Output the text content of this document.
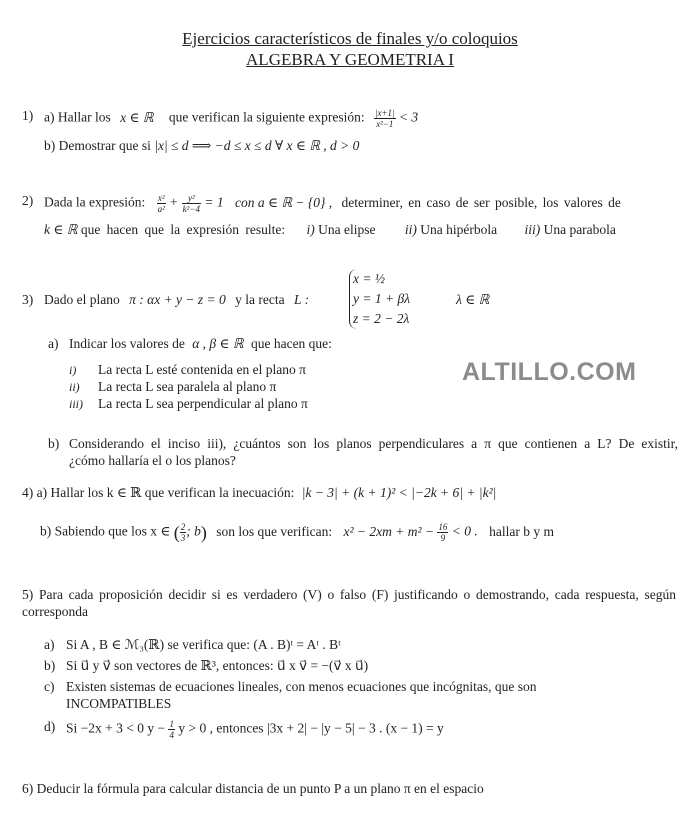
Ejercicios característicos de finales y/o coloquios
ALGEBRA Y GEOMETRIA I
1) a) Hallar los x ∈ ℝ que verifican la siguiente expresión: $\frac{|x+1|}{\text{x²−1}} < 3$
b) Demostrar que si |x| ≤ d ⟹ −d ≤ x ≤ d ∀ x ∈ ℝ , d > 0
2) Dada la expresión: $\frac{\text{x²}}{\text{a²}} + \frac{\text{y²}}{\text{k²−4}} = 1$ con a ∈ ℝ − {0} , determiner, en caso de ser posible, los valores de
k ∈ ℝ que hacen que la expresión resulte: i) Una elipse ii) Una hipérbola iii) Una parabola
3) Dado el plano π : αx + y − z = 0 y la recta L :
x = ½
y = 1 + βλ
z = 2 − 2λ
λ ∈ ℝ
a) Indicar los valores de α , β ∈ ℝ que hacen que:
i) La recta L esté contenida en el plano π
ii) La recta L sea paralela al plano π
iii) La recta L sea perpendicular al plano π
ALTILLO.COM
b) Considerando el inciso iii), ¿cuántos son los planos perpendiculares a π que contienen a L? De existir,
¿cómo hallaría el o los planos?
4) a) Hallar los k ∈ ℝ que verifican la inecuación: |k − 3| + (k + 1)² < |−2k + 6| + |k²|
b) Sabiendo que los x ∈ ( $\frac{2}{3}$ ; b) son los que verifican: $x^2 - 2xm + m^2 - \frac{16}{9} < 0$ . hallar b y m
5) Para cada proposición decidir si es verdadero (V) o falso (F) justificando o demostrando, cada respuesta, según
corresponda
a) Si A , B ∈ ℳ₃(ℝ) se verifica que: (A . B)ᵗ = Aᵗ . Bᵗ
b) Si u⃗ y v⃗ son vectores de ℝ³, entonces: u⃗ x v⃗ = −(v⃗ x u⃗)
c) Existen sistemas de ecuaciones lineales, con menos ecuaciones que incógnitas, que son
INCOMPATIBLES
d) Si −2x + 3 < 0 $y - \frac{1}{4}$ y > 0 , entonces |3x + 2| − |y − 5| − 3 . (x − 1) = y
6) Deducir la fórmula para calcular distancia de un punto P a un plano π en el espacio
